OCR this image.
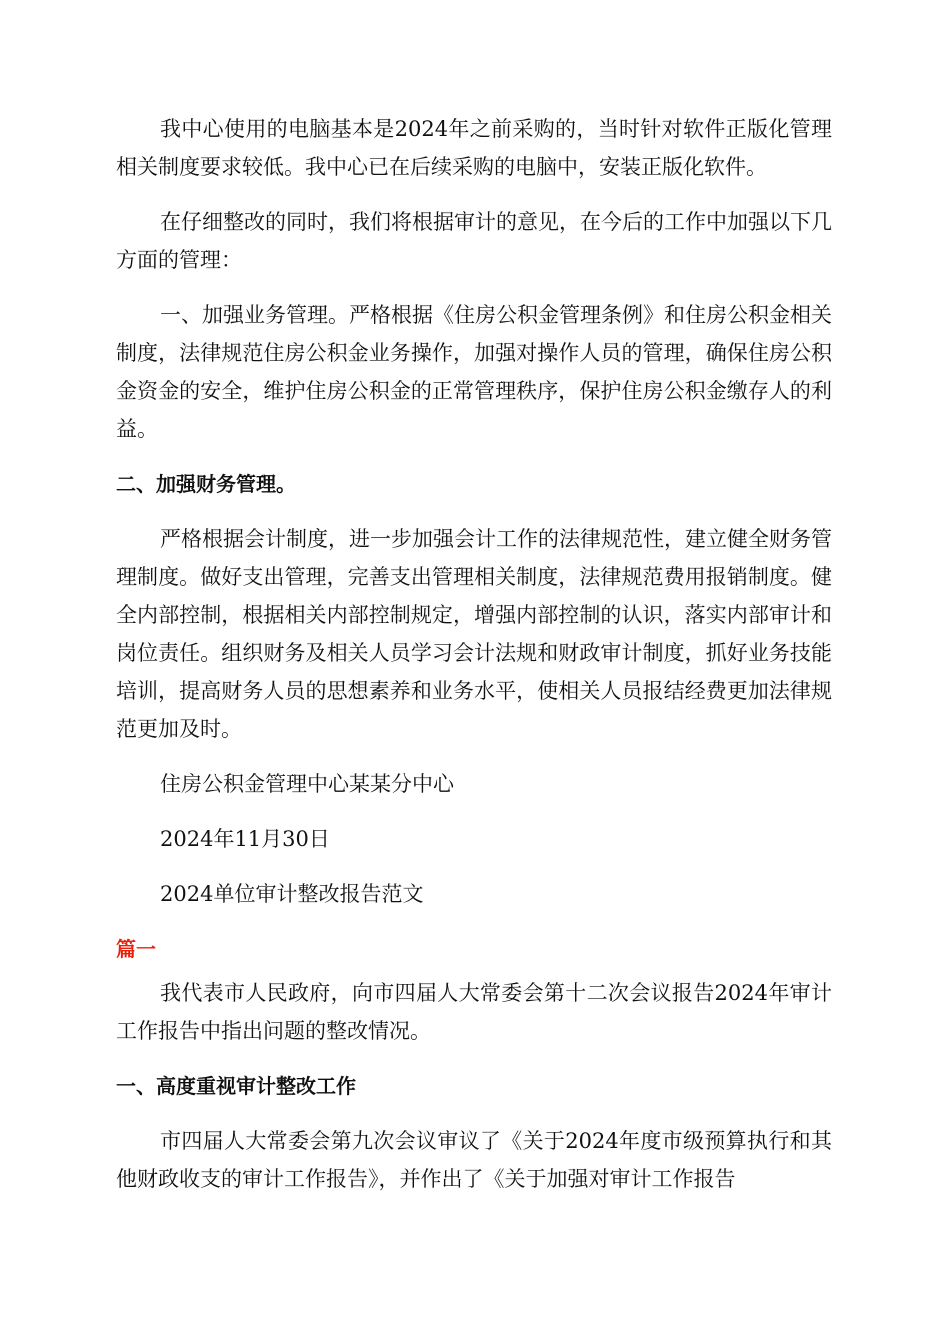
我中心使用的电脑基本是2024年之前采购的，当时针对软件正版化管理相关制度要求较低。我中心已在后续采购的电脑中，安装正版化软件。

在仔细整改的同时，我们将根据审计的意见，在今后的工作中加强以下几方面的管理：

一、加强业务管理。严格根据《住房公积金管理条例》和住房公积金相关制度，法律规范住房公积金业务操作，加强对操作人员的管理，确保住房公积金资金的安全，维护住房公积金的正常管理秩序，保护住房公积金缴存人的利益。

二、加强财务管理。

严格根据会计制度，进一步加强会计工作的法律规范性，建立健全财务管理制度。做好支出管理，完善支出管理相关制度，法律规范费用报销制度。健全内部控制，根据相关内部控制规定，增强内部控制的认识，落实内部审计和岗位责任。组织财务及相关人员学习会计法规和财政审计制度，抓好业务技能培训，提高财务人员的思想素养和业务水平，使相关人员报结经费更加法律规范更加及时。

住房公积金管理中心某某分中心

2024年11月30日

2024单位审计整改报告范文

篇一

我代表市人民政府，向市四届人大常委会第十二次会议报告2024年审计工作报告中指出问题的整改情况。

一、高度重视审计整改工作

市四届人大常委会第九次会议审议了《关于2024年度市级预算执行和其他财政收支的审计工作报告》，并作出了《关于加强对审计工作报告
